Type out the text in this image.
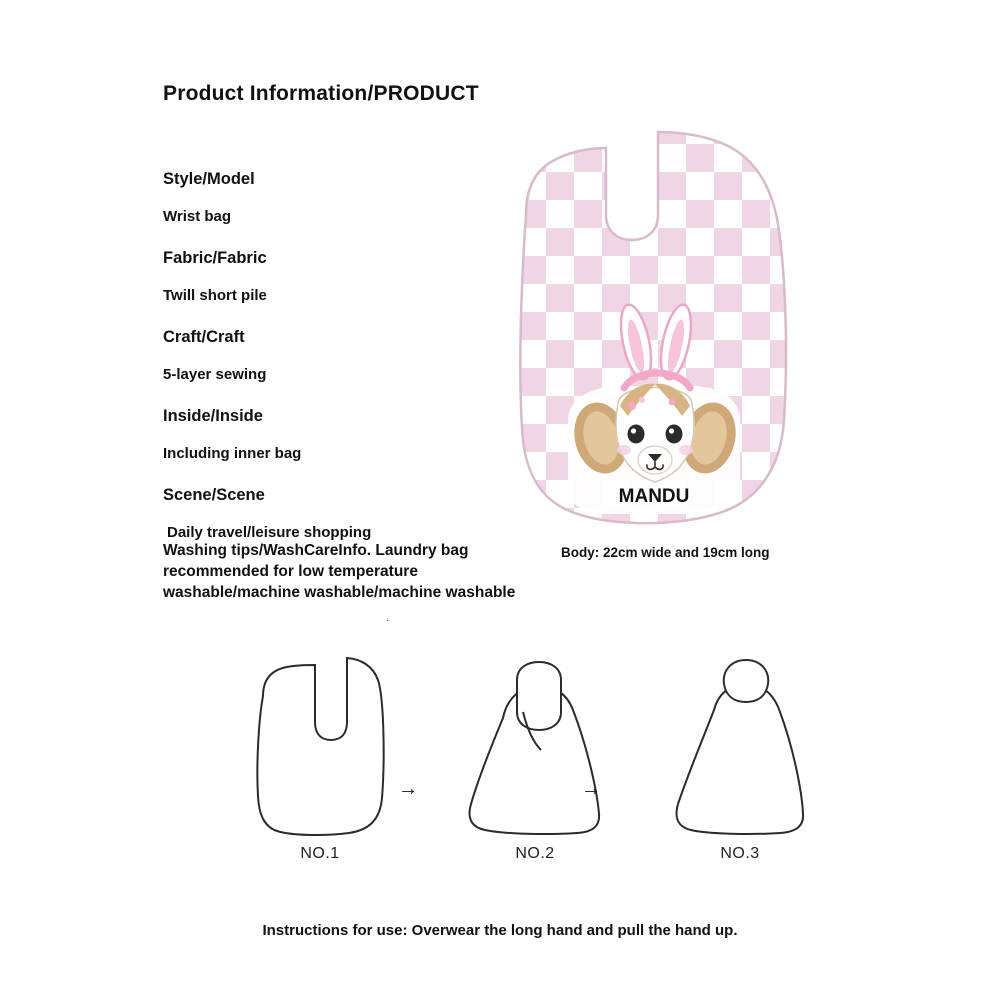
Product Information/PRODUCT
Style/Model
Wrist bag
Fabric/Fabric
Twill short pile
Craft/Craft
5-layer sewing
Inside/Inside
Including inner bag
Scene/Scene
Daily travel/leisure shopping
Washing tips/WashCareInfo. Laundry bag recommended for low temperature washable/machine washable/machine washable
.
MANDU
Body: 22cm wide and 19cm long
NO.1
→
NO.2
→
NO.3
Instructions for use: Overwear the long hand and pull the hand up.
